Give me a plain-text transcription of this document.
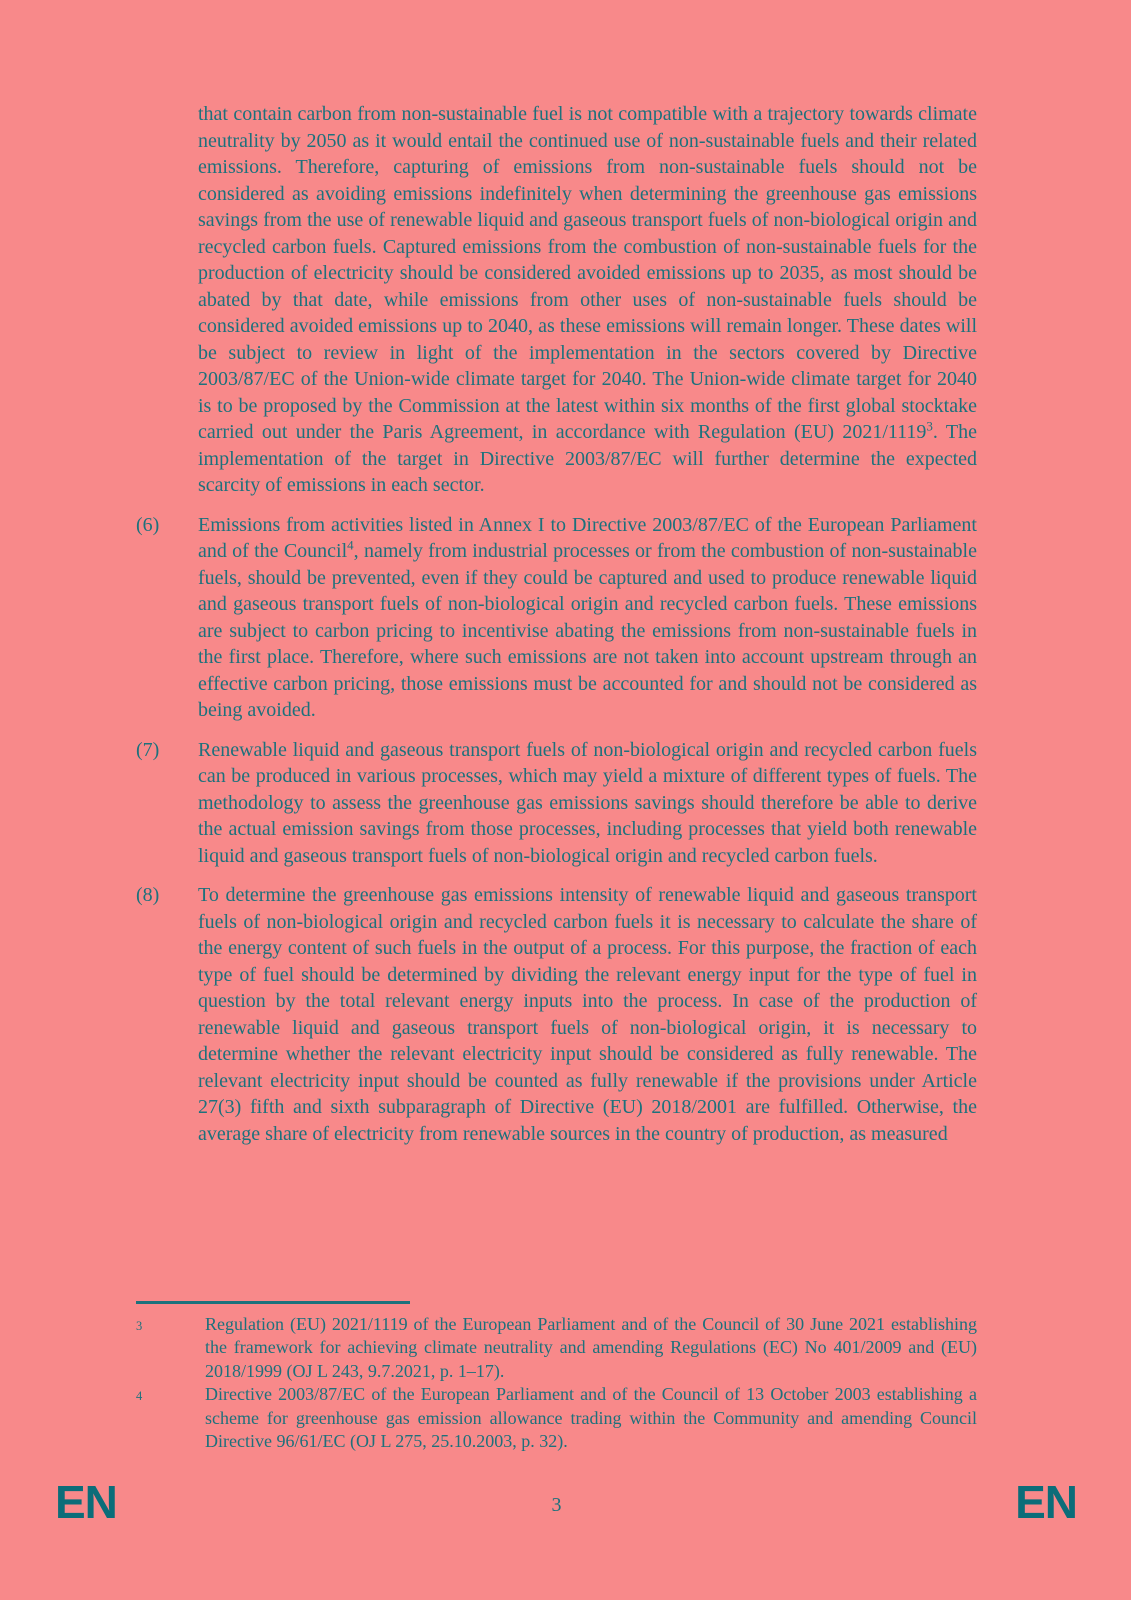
that contain carbon from non-sustainable fuel is not compatible with a trajectory towards climate neutrality by 2050 as it would entail the continued use of non-sustainable fuels and their related emissions. Therefore, capturing of emissions from non-sustainable fuels should not be considered as avoiding emissions indefinitely when determining the greenhouse gas emissions savings from the use of renewable liquid and gaseous transport fuels of non-biological origin and recycled carbon fuels. Captured emissions from the combustion of non-sustainable fuels for the production of electricity should be considered avoided emissions up to 2035, as most should be abated by that date, while emissions from other uses of non-sustainable fuels should be considered avoided emissions up to 2040, as these emissions will remain longer. These dates will be subject to review in light of the implementation in the sectors covered by Directive 2003/87/EC of the Union-wide climate target for 2040. The Union-wide climate target for 2040 is to be proposed by the Commission at the latest within six months of the first global stocktake carried out under the Paris Agreement, in accordance with Regulation (EU) 2021/1119$^3$. The implementation of the target in Directive 2003/87/EC will further determine the expected scarcity of emissions in each sector.
(6)	Emissions from activities listed in Annex I to Directive 2003/87/EC of the European Parliament and of the Council$^4$, namely from industrial processes or from the combustion of non-sustainable fuels, should be prevented, even if they could be captured and used to produce renewable liquid and gaseous transport fuels of non-biological origin and recycled carbon fuels. These emissions are subject to carbon pricing to incentivise abating the emissions from non-sustainable fuels in the first place. Therefore, where such emissions are not taken into account upstream through an effective carbon pricing, those emissions must be accounted for and should not be considered as being avoided.
(7)	Renewable liquid and gaseous transport fuels of non-biological origin and recycled carbon fuels can be produced in various processes, which may yield a mixture of different types of fuels. The methodology to assess the greenhouse gas emissions savings should therefore be able to derive the actual emission savings from those processes, including processes that yield both renewable liquid and gaseous transport fuels of non-biological origin and recycled carbon fuels.
(8)	To determine the greenhouse gas emissions intensity of renewable liquid and gaseous transport fuels of non-biological origin and recycled carbon fuels it is necessary to calculate the share of the energy content of such fuels in the output of a process. For this purpose, the fraction of each type of fuel should be determined by dividing the relevant energy input for the type of fuel in question by the total relevant energy inputs into the process. In case of the production of renewable liquid and gaseous transport fuels of non-biological origin, it is necessary to determine whether the relevant electricity input should be considered as fully renewable. The relevant electricity input should be counted as fully renewable if the provisions under Article 27(3) fifth and sixth subparagraph of Directive (EU) 2018/2001 are fulfilled. Otherwise, the average share of electricity from renewable sources in the country of production, as measured
3	Regulation (EU) 2021/1119 of the European Parliament and of the Council of 30 June 2021 establishing the framework for achieving climate neutrality and amending Regulations (EC) No 401/2009 and (EU) 2018/1999 (OJ L 243, 9.7.2021, p. 1–17).
4	Directive 2003/87/EC of the European Parliament and of the Council of 13 October 2003 establishing a scheme for greenhouse gas emission allowance trading within the Community and amending Council Directive 96/61/EC (OJ L 275, 25.10.2003, p. 32).
EN	3	EN
